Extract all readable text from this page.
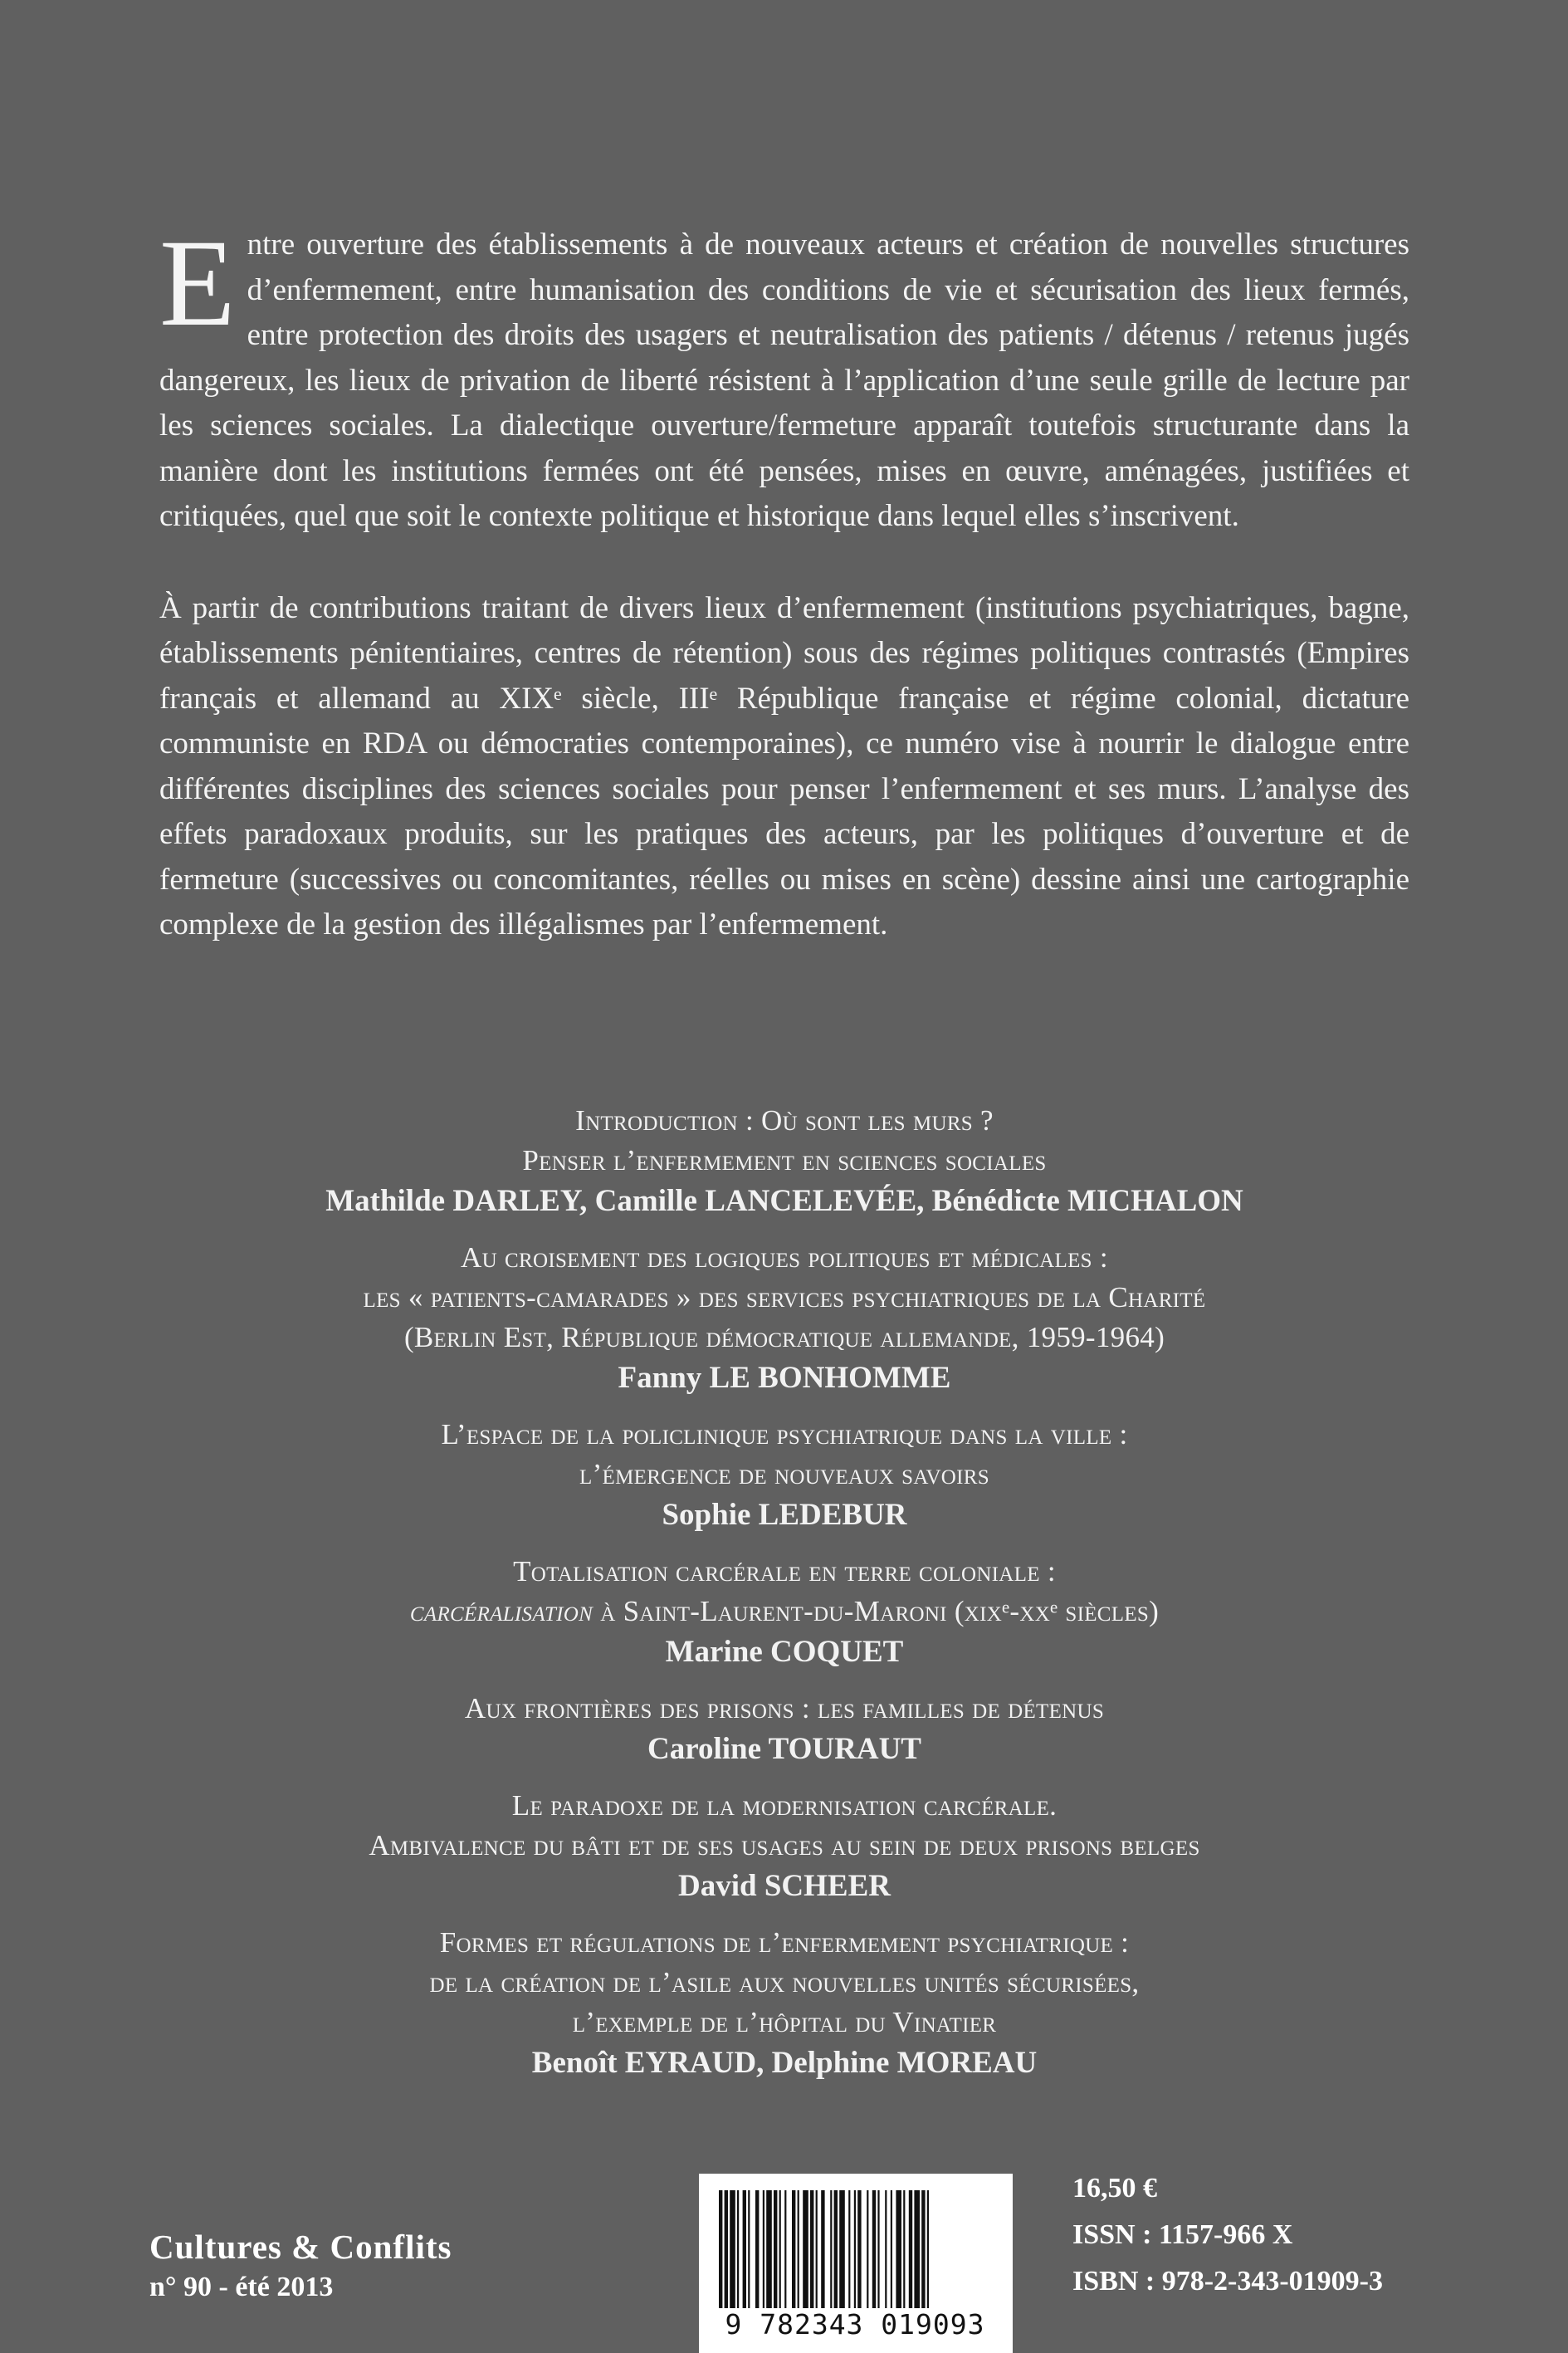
Entre ouverture des établissements à de nouveaux acteurs et création de nouvelles structures d’enfermement, entre humanisation des conditions de vie et sécurisation des lieux fermés, entre protection des droits des usagers et neutralisation des patients / détenus / retenus jugés dangereux, les lieux de privation de liberté résistent à l’application d’une seule grille de lecture par les sciences sociales. La dialectique ouverture/fermeture apparaît toutefois structurante dans la manière dont les institutions fermées ont été pensées, mises en œuvre, aménagées, justifiées et critiquées, quel que soit le contexte politique et historique dans lequel elles s’inscrivent.

À partir de contributions traitant de divers lieux d’enfermement (institutions psychiatriques, bagne, établissements pénitentiaires, centres de rétention) sous des régimes politiques contrastés (Empires français et allemand au XIXᵉ siècle, IIIᵉ République française et régime colonial, dictature communiste en RDA ou démocraties contemporaines), ce numéro vise à nourrir le dialogue entre différentes disciplines des sciences sociales pour penser l’enfermement et ses murs. L’analyse des effets paradoxaux produits, sur les pratiques des acteurs, par les politiques d’ouverture et de fermeture (successives ou concomitantes, réelles ou mises en scène) dessine ainsi une cartographie complexe de la gestion des illégalismes par l’enfermement.

Introduction : Où sont les murs ?
Penser l’enfermement en sciences sociales
Mathilde DARLEY, Camille LANCELEVÉE, Bénédicte MICHALON
Au croisement des logiques politiques et médicales :
les « patients-camarades » des services psychiatriques de la Charité
(Berlin Est, République démocratique allemande, 1959-1964)
Fanny LE BONHOMME
L’espace de la policlinique psychiatrique dans la ville :
l’émergence de nouveaux savoirs
Sophie LEDEBUR
Totalisation carcérale en terre coloniale :
carcéralisation à Saint-Laurent-du-Maroni (xixᵉ-xxᵉ siècles)
Marine COQUET
Aux frontières des prisons : les familles de détenus
Caroline TOURAUT
Le paradoxe de la modernisation carcérale.
Ambivalence du bâti et de ses usages au sein de deux prisons belges
David SCHEER
Formes et régulations de l’enfermement psychiatrique :
de la création de l’asile aux nouvelles unités sécurisées,
l’exemple de l’hôpital du Vinatier
Benoît EYRAUD, Delphine MOREAU
Cultures & Conflits
n° 90 - été 2013
9 782343 019093
16,50 €
ISSN : 1157-966 X
ISBN : 978-2-343-01909-3
